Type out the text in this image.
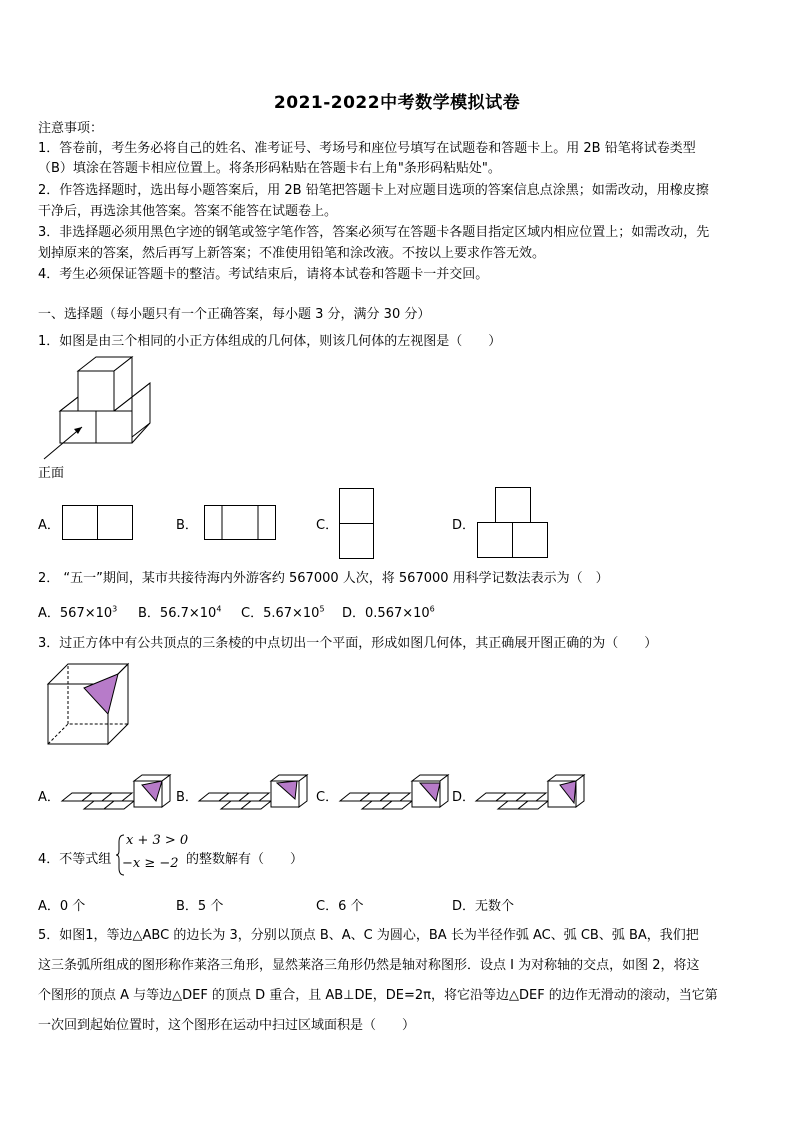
2021-2022中考数学模拟试卷
注意事项：
1．答卷前，考生务必将自己的姓名、准考证号、考场号和座位号填写在试题卷和答题卡上。用 2B 铅笔将试卷类型
（B）填涂在答题卡相应位置上。将条形码粘贴在答题卡右上角"条形码粘贴处"。
2．作答选择题时，选出每小题答案后，用 2B 铅笔把答题卡上对应题目选项的答案信息点涂黑；如需改动，用橡皮擦
干净后，再选涂其他答案。答案不能答在试题卷上。
3．非选择题必须用黑色字迹的钢笔或签字笔作答，答案必须写在答题卡各题目指定区域内相应位置上；如需改动，先
划掉原来的答案，然后再写上新答案；不准使用铅笔和涂改液。不按以上要求作答无效。
4．考生必须保证答题卡的整洁。考试结束后，请将本试卷和答题卡一并交回。
一、选择题（每小题只有一个正确答案，每小题 3 分，满分 30 分）
1．如图是由三个相同的小正方体组成的几何体，则该几何体的左视图是（　　）
正面
A．	B．	C．	D．
2． “五一”期间，某市共接待海内外游客约 567000 人次，将 567000 用科学记数法表示为（　）
A．$567\times 10^3$ B．$56.7\times 10^4$ C．$5.67\times 10^5$ D．$0.567\times 10^6$
3．过正方体中有公共顶点的三条棱的中点切出一个平面，形成如图几何体，其正确展开图正确的为（　　）
A．	B．	C．	D．
4．不等式组
x + 3 > 0
−x ≥ −2 的整数解有（　　）
A．0 个	B．5 个	C．6 个	D．无数个
5．如图1，等边△ABC 的边长为 3，分别以顶点 B、A、C 为圆心，BA 长为半径作弧 AC、弧 CB、弧 BA，我们把
这三条弧所组成的图形称作莱洛三角形，显然莱洛三角形仍然是轴对称图形．设点 I 为对称轴的交点，如图 2，将这
个图形的顶点 A 与等边△DEF 的顶点 D 重合，且 AB⊥DE，DE=2π，将它沿等边△DEF 的边作无滑动的滚动，当它第
一次回到起始位置时，这个图形在运动中扫过区域面积是（　　）
